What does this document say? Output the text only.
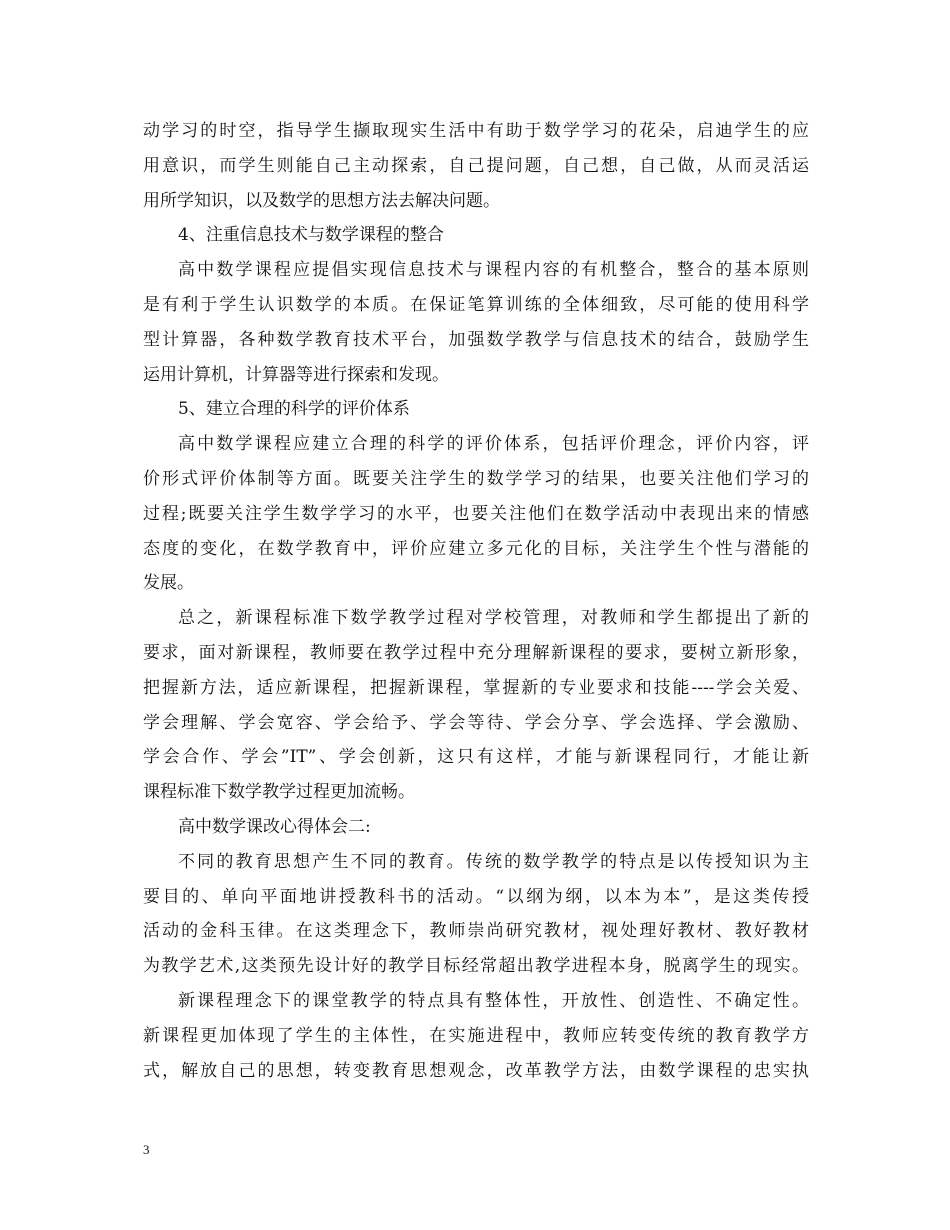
动学习的时空，指导学生撷取现实生活中有助于数学学习的花朵，启迪学生的应
用意识，而学生则能自己主动探索，自己提问题，自己想，自己做，从而灵活运
用所学知识，以及数学的思想方法去解决问题。
4、注重信息技术与数学课程的整合
高中数学课程应提倡实现信息技术与课程内容的有机整合，整合的基本原则
是有利于学生认识数学的本质。在保证笔算训练的全体细致，尽可能的使用科学
型计算器，各种数学教育技术平台，加强数学教学与信息技术的结合，鼓励学生
运用计算机，计算器等进行探索和发现。
5、建立合理的科学的评价体系
高中数学课程应建立合理的科学的评价体系，包括评价理念，评价内容，评
价形式评价体制等方面。既要关注学生的数学学习的结果，也要关注他们学习的
过程;既要关注学生数学学习的水平，也要关注他们在数学活动中表现出来的情感
态度的变化，在数学教育中，评价应建立多元化的目标，关注学生个性与潜能的
发展。
总之，新课程标准下数学教学过程对学校管理，对教师和学生都提出了新的
要求，面对新课程，教师要在教学过程中充分理解新课程的要求，要树立新形象，
把握新方法，适应新课程，把握新课程，掌握新的专业要求和技能----学会关爱、
学会理解、学会宽容、学会给予、学会等待、学会分享、学会选择、学会激励、
学会合作、学会”IT”、学会创新，这只有这样，才能与新课程同行，才能让新
课程标准下数学教学过程更加流畅。
高中数学课改心得体会二:
不同的教育思想产生不同的教育。传统的数学教学的特点是以传授知识为主
要目的、单向平面地讲授教科书的活动。“以纲为纲，以本为本”，是这类传授
活动的金科玉律。在这类理念下，教师崇尚研究教材，视处理好教材、教好教材
为教学艺术,这类预先设计好的教学目标经常超出教学进程本身，脱离学生的现实。
新课程理念下的课堂教学的特点具有整体性，开放性、创造性、不确定性。
新课程更加体现了学生的主体性，在实施进程中，教师应转变传统的教育教学方
式，解放自己的思想，转变教育思想观念，改革教学方法，由数学课程的忠实执
3
